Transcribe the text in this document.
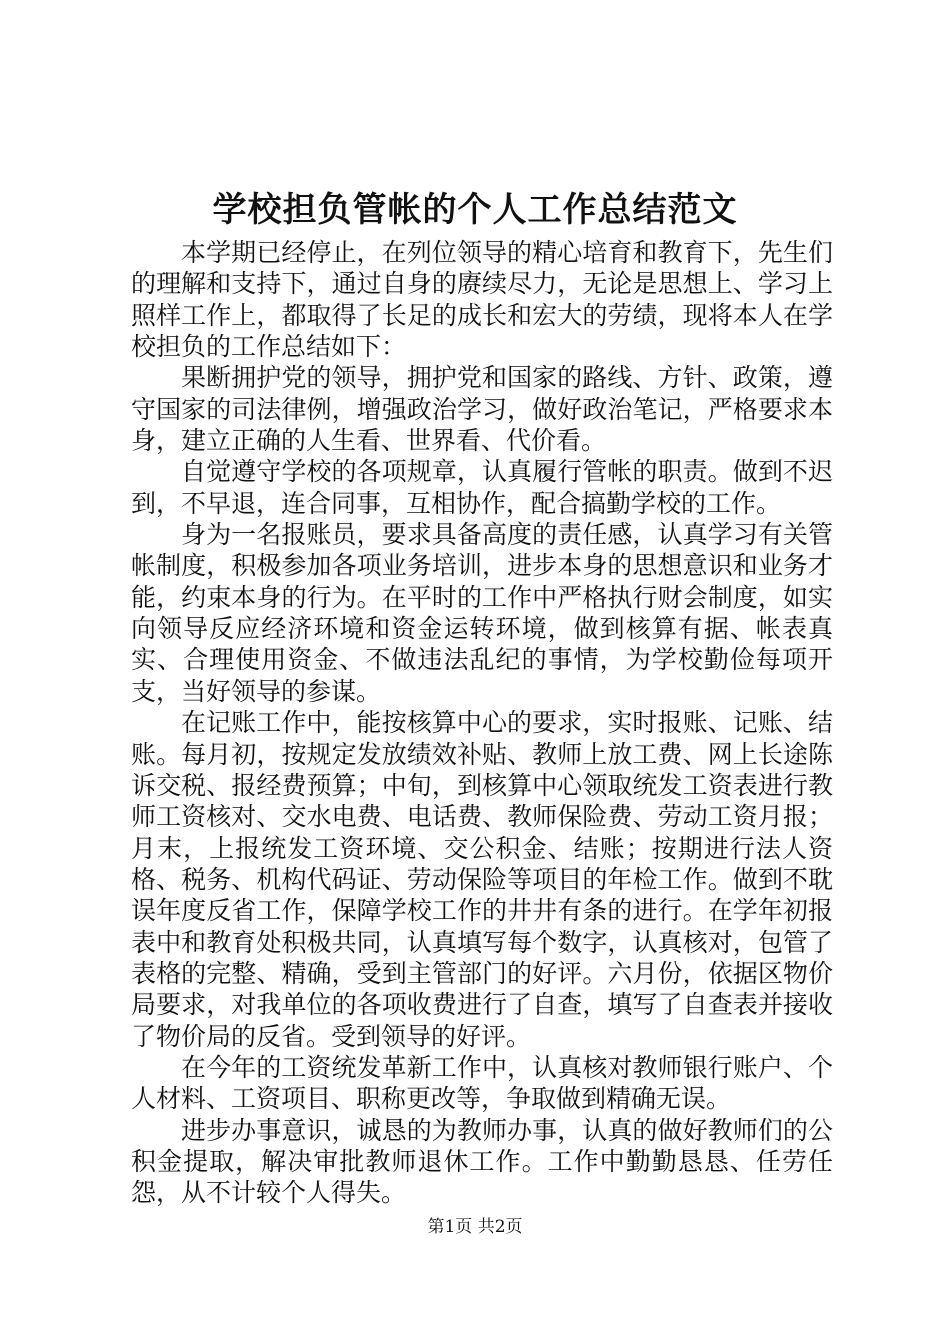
学校担负管帐的个人工作总结范文

本学期已经停止，在列位领导的精心培育和教育下，先生们的理解和支持下，通过自身的赓续尽力，无论是思想上、学习上照样工作上，都取得了长足的成长和宏大的劳绩，现将本人在学校担负的工作总结如下：

果断拥护党的领导，拥护党和国家的路线、方针、政策，遵守国家的司法律例，增强政治学习，做好政治笔记，严格要求本身，建立正确的人生看、世界看、代价看。

自觉遵守学校的各项规章，认真履行管帐的职责。做到不迟到，不早退，连合同事，互相协作，配合搞勤学校的工作。

身为一名报账员，要求具备高度的责任感，认真学习有关管帐制度，积极参加各项业务培训，进步本身的思想意识和业务才能，约束本身的行为。在平时的工作中严格执行财会制度，如实向领导反应经济环境和资金运转环境，做到核算有据、帐表真实、合理使用资金、不做违法乱纪的事情，为学校勤俭每项开支，当好领导的参谋。

在记账工作中，能按核算中心的要求，实时报账、记账、结账。每月初，按规定发放绩效补贴、教师上放工费、网上长途陈诉交税、报经费预算；中旬，到核算中心领取统发工资表进行教师工资核对、交水电费、电话费、教师保险费、劳动工资月报；月末，上报统发工资环境、交公积金、结账；按期进行法人资格、税务、机构代码证、劳动保险等项目的年检工作。做到不耽误年度反省工作，保障学校工作的井井有条的进行。在学年初报表中和教育处积极共同，认真填写每个数字，认真核对，包管了表格的完整、精确，受到主管部门的好评。六月份，依据区物价局要求，对我单位的各项收费进行了自查，填写了自查表并接收了物价局的反省。受到领导的好评。

在今年的工资统发革新工作中，认真核对教师银行账户、个人材料、工资项目、职称更改等，争取做到精确无误。

进步办事意识，诚恳的为教师办事，认真的做好教师们的公积金提取，解决审批教师退休工作。工作中勤勤恳恳、任劳任怨，从不计较个人得失。

第1页 共2页
